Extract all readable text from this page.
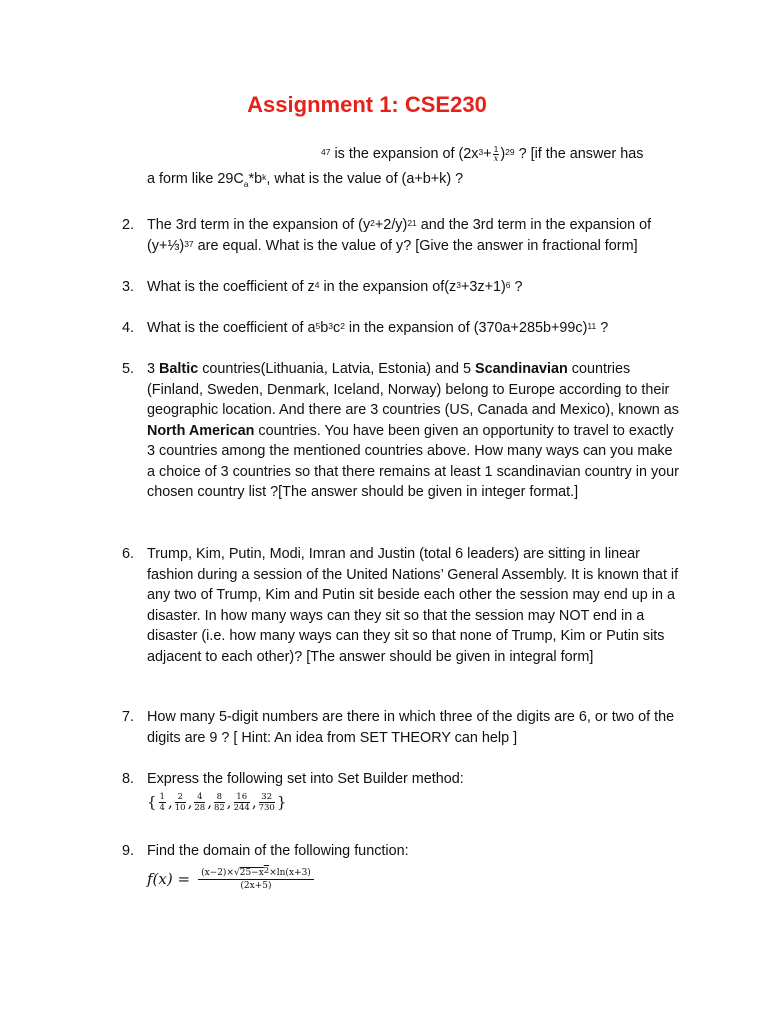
Assignment 1: CSE230
$^{47}$ is the expansion of $(2x^3+ \frac{1}{x} )^{29}$ ? [if the answer has
a form like $29C_a*b^k$, what is the value of (a+b+k) ?
2. The 3rd term in the expansion of $(y^2+2/y)^{21}$ and the 3rd term in the expansion of (y+⅓)$^{37}$ are equal. What is the value of y? [Give the answer in fractional form]
3. What is the coefficient of $z^4$ in the expansion $of(z^3+3z+1)^6$ ?
4. What is the coefficient of $a^5b^3c^2$ in the expansion of $(370a+285b+99c)^{11}$ ?
5. 3 Baltic countries(Lithuania, Latvia, Estonia) and 5 Scandinavian countries (Finland, Sweden, Denmark, Iceland, Norway) belong to Europe according to their geographic location. And there are 3 countries (US, Canada and Mexico), known as North American countries. You have been given an opportunity to travel to exactly 3 countries among the mentioned countries above. How many ways can you make a choice of 3 countries so that there remains at least 1 scandinavian country in your chosen country list ?[The answer should be given in integer format.]
6. Trump, Kim, Putin, Modi, Imran and Justin (total 6 leaders) are sitting in linear fashion during a session of the United Nations’ General Assembly. It is known that if any two of Trump, Kim and Putin sit beside each other the session may end up in a disaster. In how many ways can they sit so that the session may NOT end in a disaster (i.e. how many ways can they sit so that none of Trump, Kim or Putin sits adjacent to each other)? [The answer should be given in integral form]
7. How many 5-digit numbers are there in which three of the digits are 6, or two of the digits are 9 ? [ Hint: An idea from SET THEORY can help ]
8. Express the following set into Set Builder method:
{ 1
4 , 2
10 , 4
28 , 8
82 , 16
244 , 32
730 }
9. Find the domain of the following function:
$f(x) = \frac{(x-2)\times√25-x^2\times\ln(x+3)}{(2x+5)}$
